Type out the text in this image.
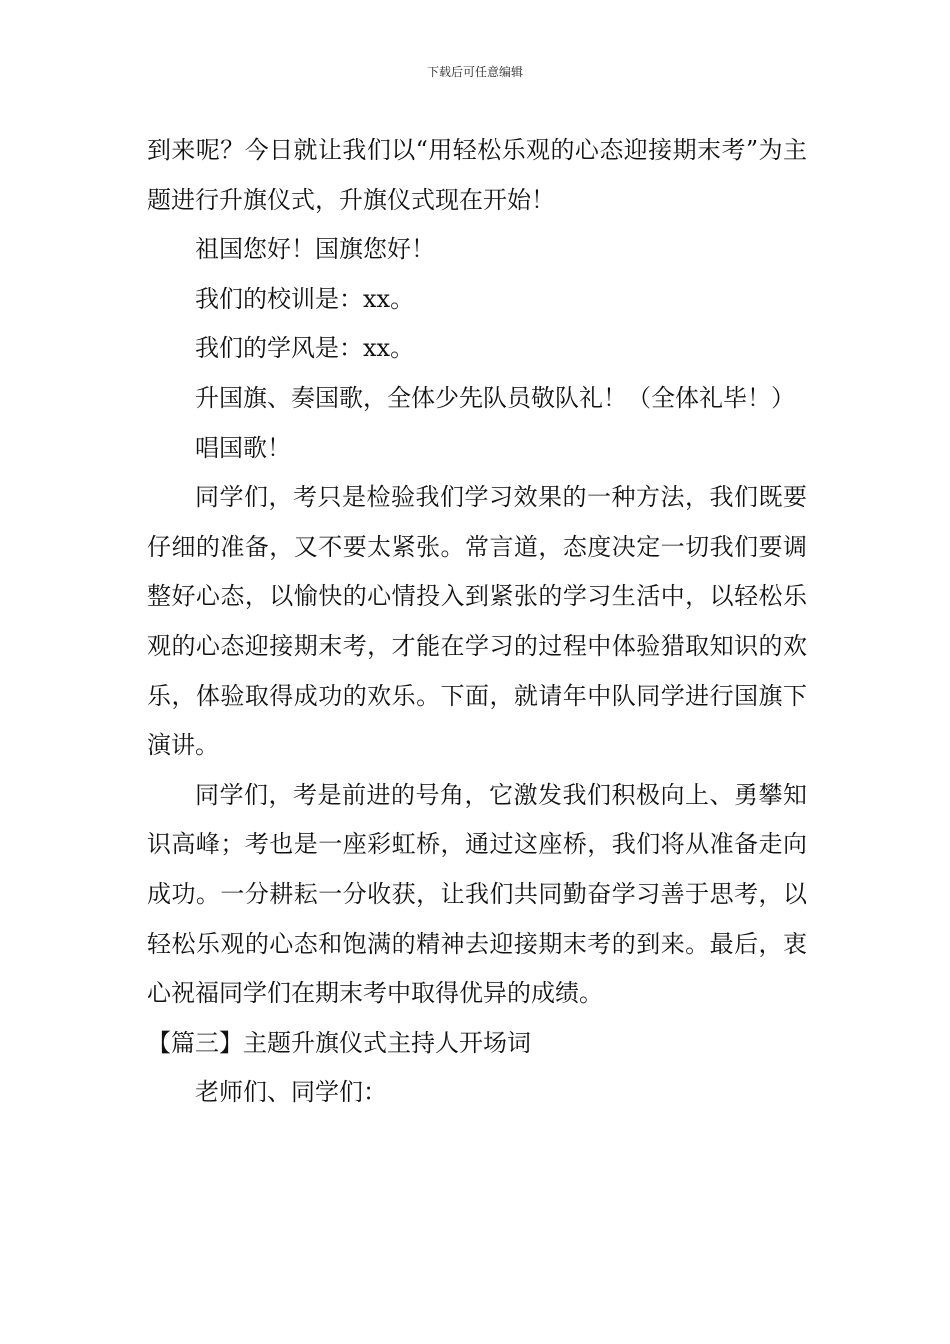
下载后可任意编辑

到来呢？今日就让我们以“用轻松乐观的心态迎接期末考”为主题进行升旗仪式，升旗仪式现在开始！

祖国您好！国旗您好！

我们的校训是：xx。

我们的学风是：xx。

升国旗、奏国歌，全体少先队员敬队礼！（全体礼毕！）

唱国歌！

同学们，考只是检验我们学习效果的一种方法，我们既要仔细的准备，又不要太紧张。常言道，态度决定一切我们要调整好心态，以愉快的心情投入到紧张的学习生活中，以轻松乐观的心态迎接期末考，才能在学习的过程中体验猎取知识的欢乐，体验取得成功的欢乐。下面，就请年中队同学进行国旗下演讲。

同学们，考是前进的号角，它激发我们积极向上、勇攀知识高峰；考也是一座彩虹桥，通过这座桥，我们将从准备走向成功。一分耕耘一分收获，让我们共同勤奋学习善于思考，以轻松乐观的心态和饱满的精神去迎接期末考的到来。最后，衷心祝福同学们在期末考中取得优异的成绩。

【篇三】主题升旗仪式主持人开场词

老师们、同学们：
